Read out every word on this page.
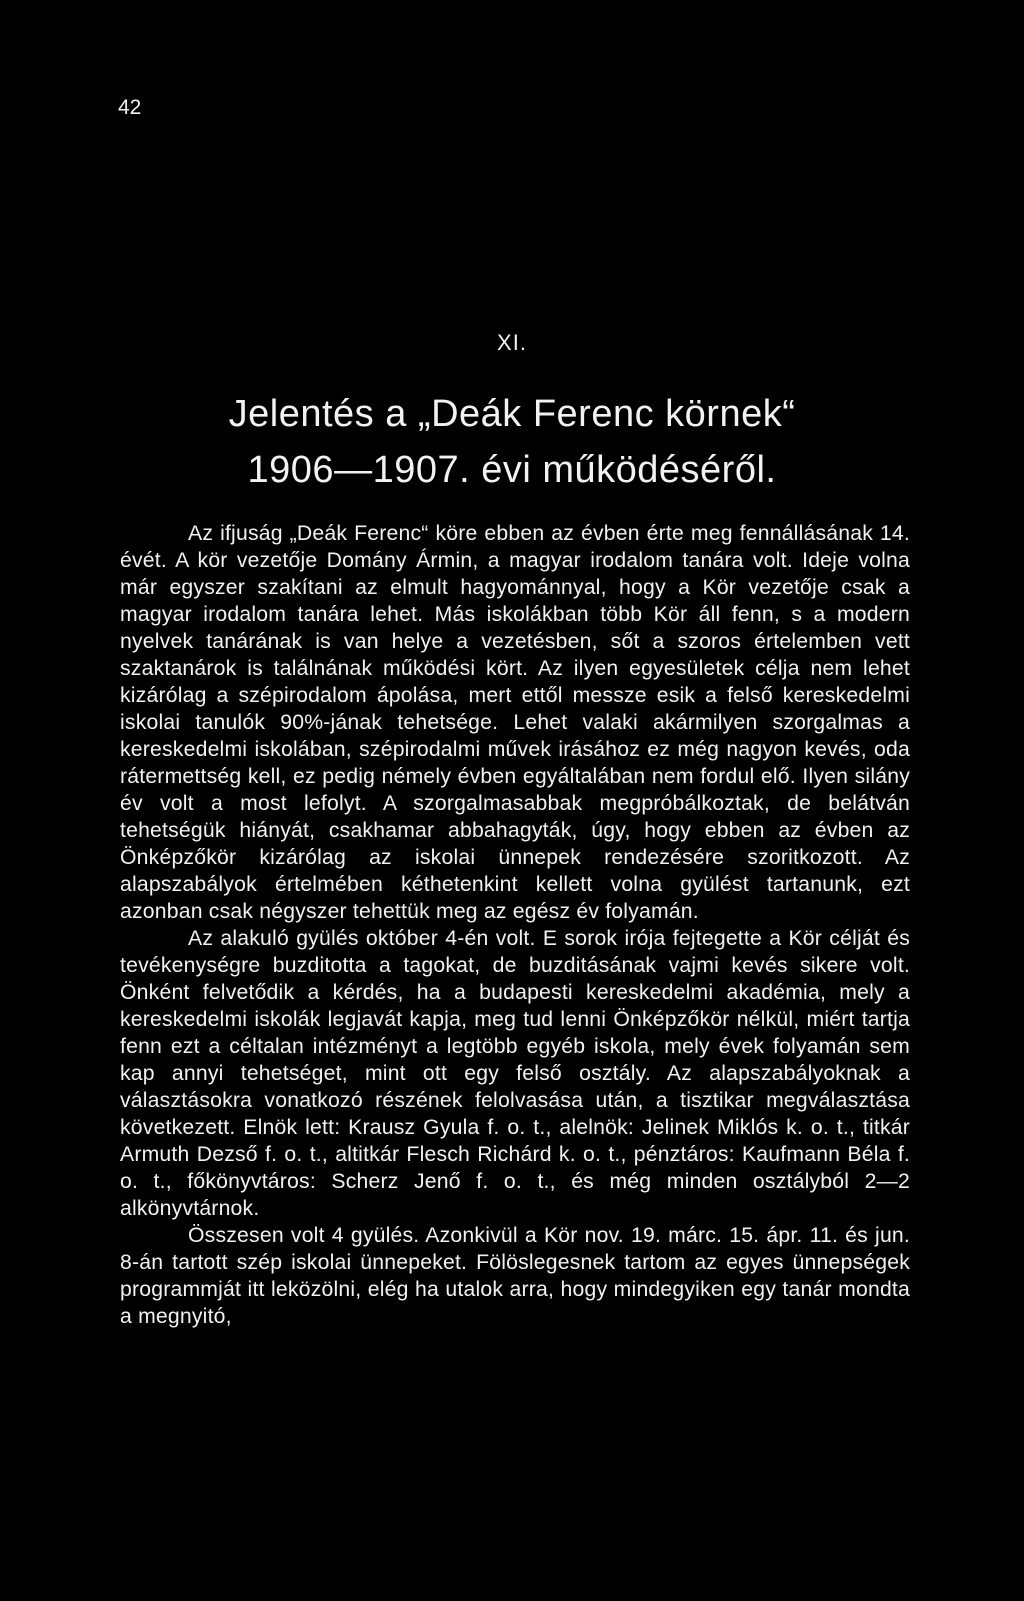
42
XI.
Jelentés a „Deák Ferenc körnek“
1906—1907. évi működéséről.

Az ifjuság „Deák Ferenc“ köre ebben az évben érte meg fennállásának 14. évét. A kör vezetője Domány Ármin, a magyar irodalom tanára volt. Ideje volna már egyszer szakítani az elmult hagyománnyal, hogy a Kör vezetője csak a magyar irodalom tanára lehet. Más iskolákban több Kör áll fenn, s a modern nyelvek tanárának is van helye a vezetésben, sőt a szoros értelemben vett szaktanárok is találnának működési kört. Az ilyen egyesületek célja nem lehet kizárólag a szépirodalom ápolása, mert ettől messze esik a felső kereskedelmi iskolai tanulók 90%-jának tehetsége. Lehet valaki akármilyen szorgalmas a kereskedelmi iskolában, szépirodalmi művek irásához ez még nagyon kevés, oda rátermettség kell, ez pedig némely évben egyáltalában nem fordul elő. Ilyen silány év volt a most lefolyt. A szorgalmasabbak megpróbálkoztak, de belátván tehetségük hiányát, csakhamar abbahagyták, úgy, hogy ebben az évben az Önképzőkör kizárólag az iskolai ünnepek rendezésére szoritkozott. Az alapszabályok értelmében kéthetenkint kellett volna gyülést tartanunk, ezt azonban csak négyszer tehettük meg az egész év folyamán.

Az alakuló gyülés október 4-én volt. E sorok irója fejtegette a Kör célját és tevékenységre buzditotta a tagokat, de buzditásának vajmi kevés sikere volt. Önként felvetődik a kérdés, ha a budapesti kereskedelmi akadémia, mely a kereskedelmi iskolák legjavát kapja, meg tud lenni Önképzőkör nélkül, miért tartja fenn ezt a céltalan intézményt a legtöbb egyéb iskola, mely évek folyamán sem kap annyi tehetséget, mint ott egy felső osztály. Az alapszabályoknak a választásokra vonatkozó részének felolvasása után, a tisztikar megválasztása következett. Elnök lett: Krausz Gyula f. o. t., alelnök: Jelinek Miklós k. o. t., titkár Armuth Dezső f. o. t., altitkár Flesch Richárd k. o. t., pénztáros: Kaufmann Béla f. o. t., főkönyvtáros: Scherz Jenő f. o. t., és még minden osztályból 2—2 alkönyvtárnok.

Összesen volt 4 gyülés. Azonkivül a Kör nov. 19. márc. 15. ápr. 11. és jun. 8-án tartott szép iskolai ünnepeket. Fölöslegesnek tartom az egyes ünnepségek programmját itt leközölni, elég ha utalok arra, hogy mindegyiken egy tanár mondta a megnyitó,
